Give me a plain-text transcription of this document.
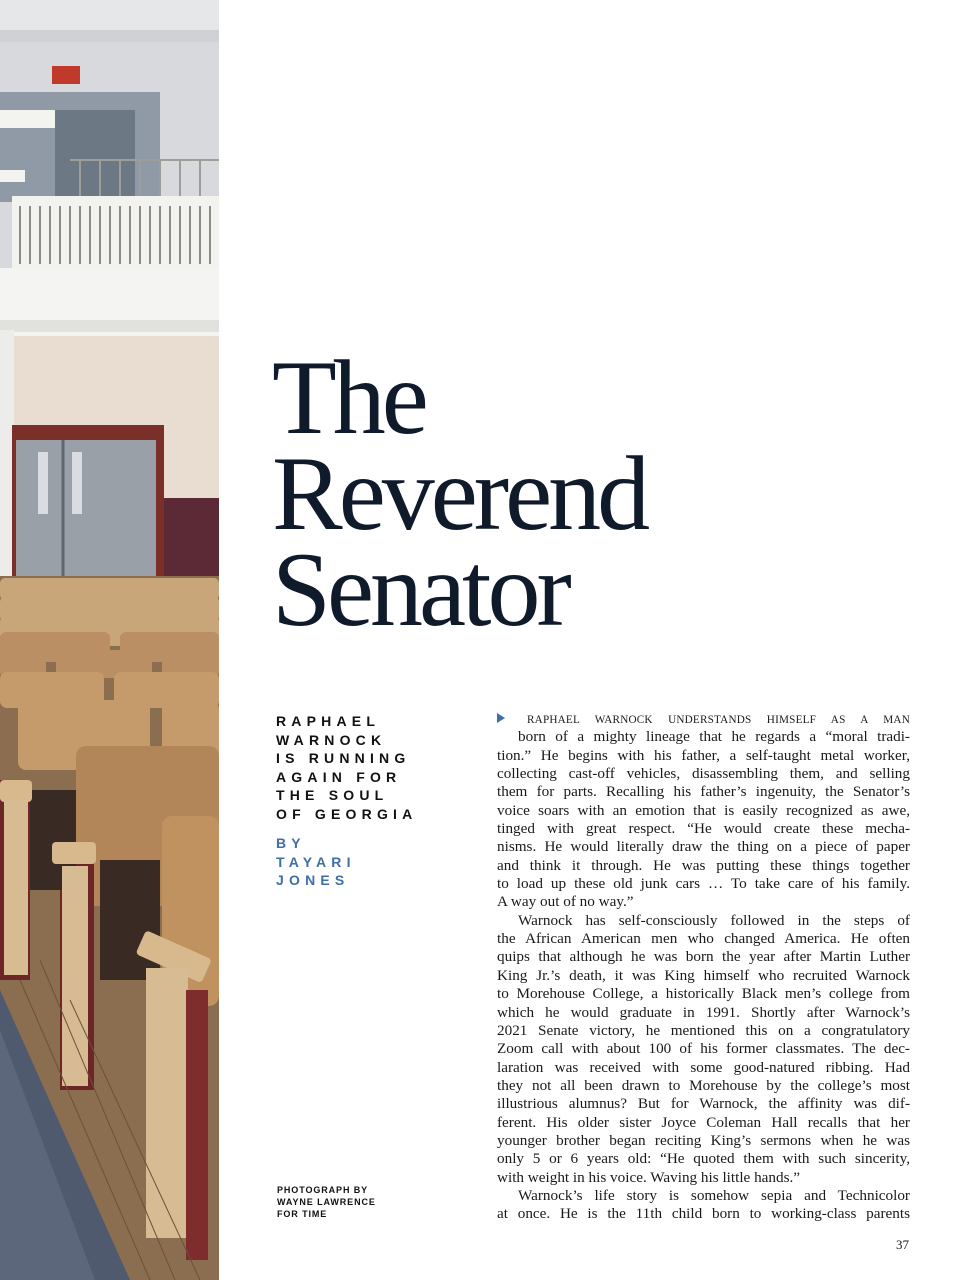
The
Reverend
Senator
RAPHAEL
WARNOCK
IS RUNNING
AGAIN FOR
THE SOUL
OF GEORGIA
BY
TAYARI
JONES
PHOTOGRAPH BY
WAYNE LAWRENCE
FOR TIME
RAPHAEL WARNOCK UNDERSTANDS HIMSELF AS A MAN
born of a mighty lineage that he regards a “moral tradi-
tion.” He begins with his father, a self-taught metal worker,
collecting cast-off vehicles, disassembling them, and selling
them for parts. Recalling his father’s ingenuity, the Senator’s
voice soars with an emotion that is easily recognized as awe,
tinged with great respect. “He would create these mecha-
nisms. He would literally draw the thing on a piece of paper
and think it through. He was putting these things together
to load up these old junk cars … To take care of his family.
A way out of no way.”
Warnock has self-consciously followed in the steps of
the African American men who changed America. He often
quips that although he was born the year after Martin Luther
King Jr.’s death, it was King himself who recruited Warnock
to Morehouse College, a historically Black men’s college from
which he would graduate in 1991. Shortly after Warnock’s
2021 Senate victory, he mentioned this on a congratulatory
Zoom call with about 100 of his former classmates. The dec-
laration was received with some good-natured ribbing. Had
they not all been drawn to Morehouse by the college’s most
illustrious alumnus? But for Warnock, the affinity was dif-
ferent. His older sister Joyce Coleman Hall recalls that her
younger brother began reciting King’s sermons when he was
only 5 or 6 years old: “He quoted them with such sincerity,
with weight in his voice. Waving his little hands.”
Warnock’s life story is somehow sepia and Technicolor
at once. He is the 11th child born to working-class parents
37
